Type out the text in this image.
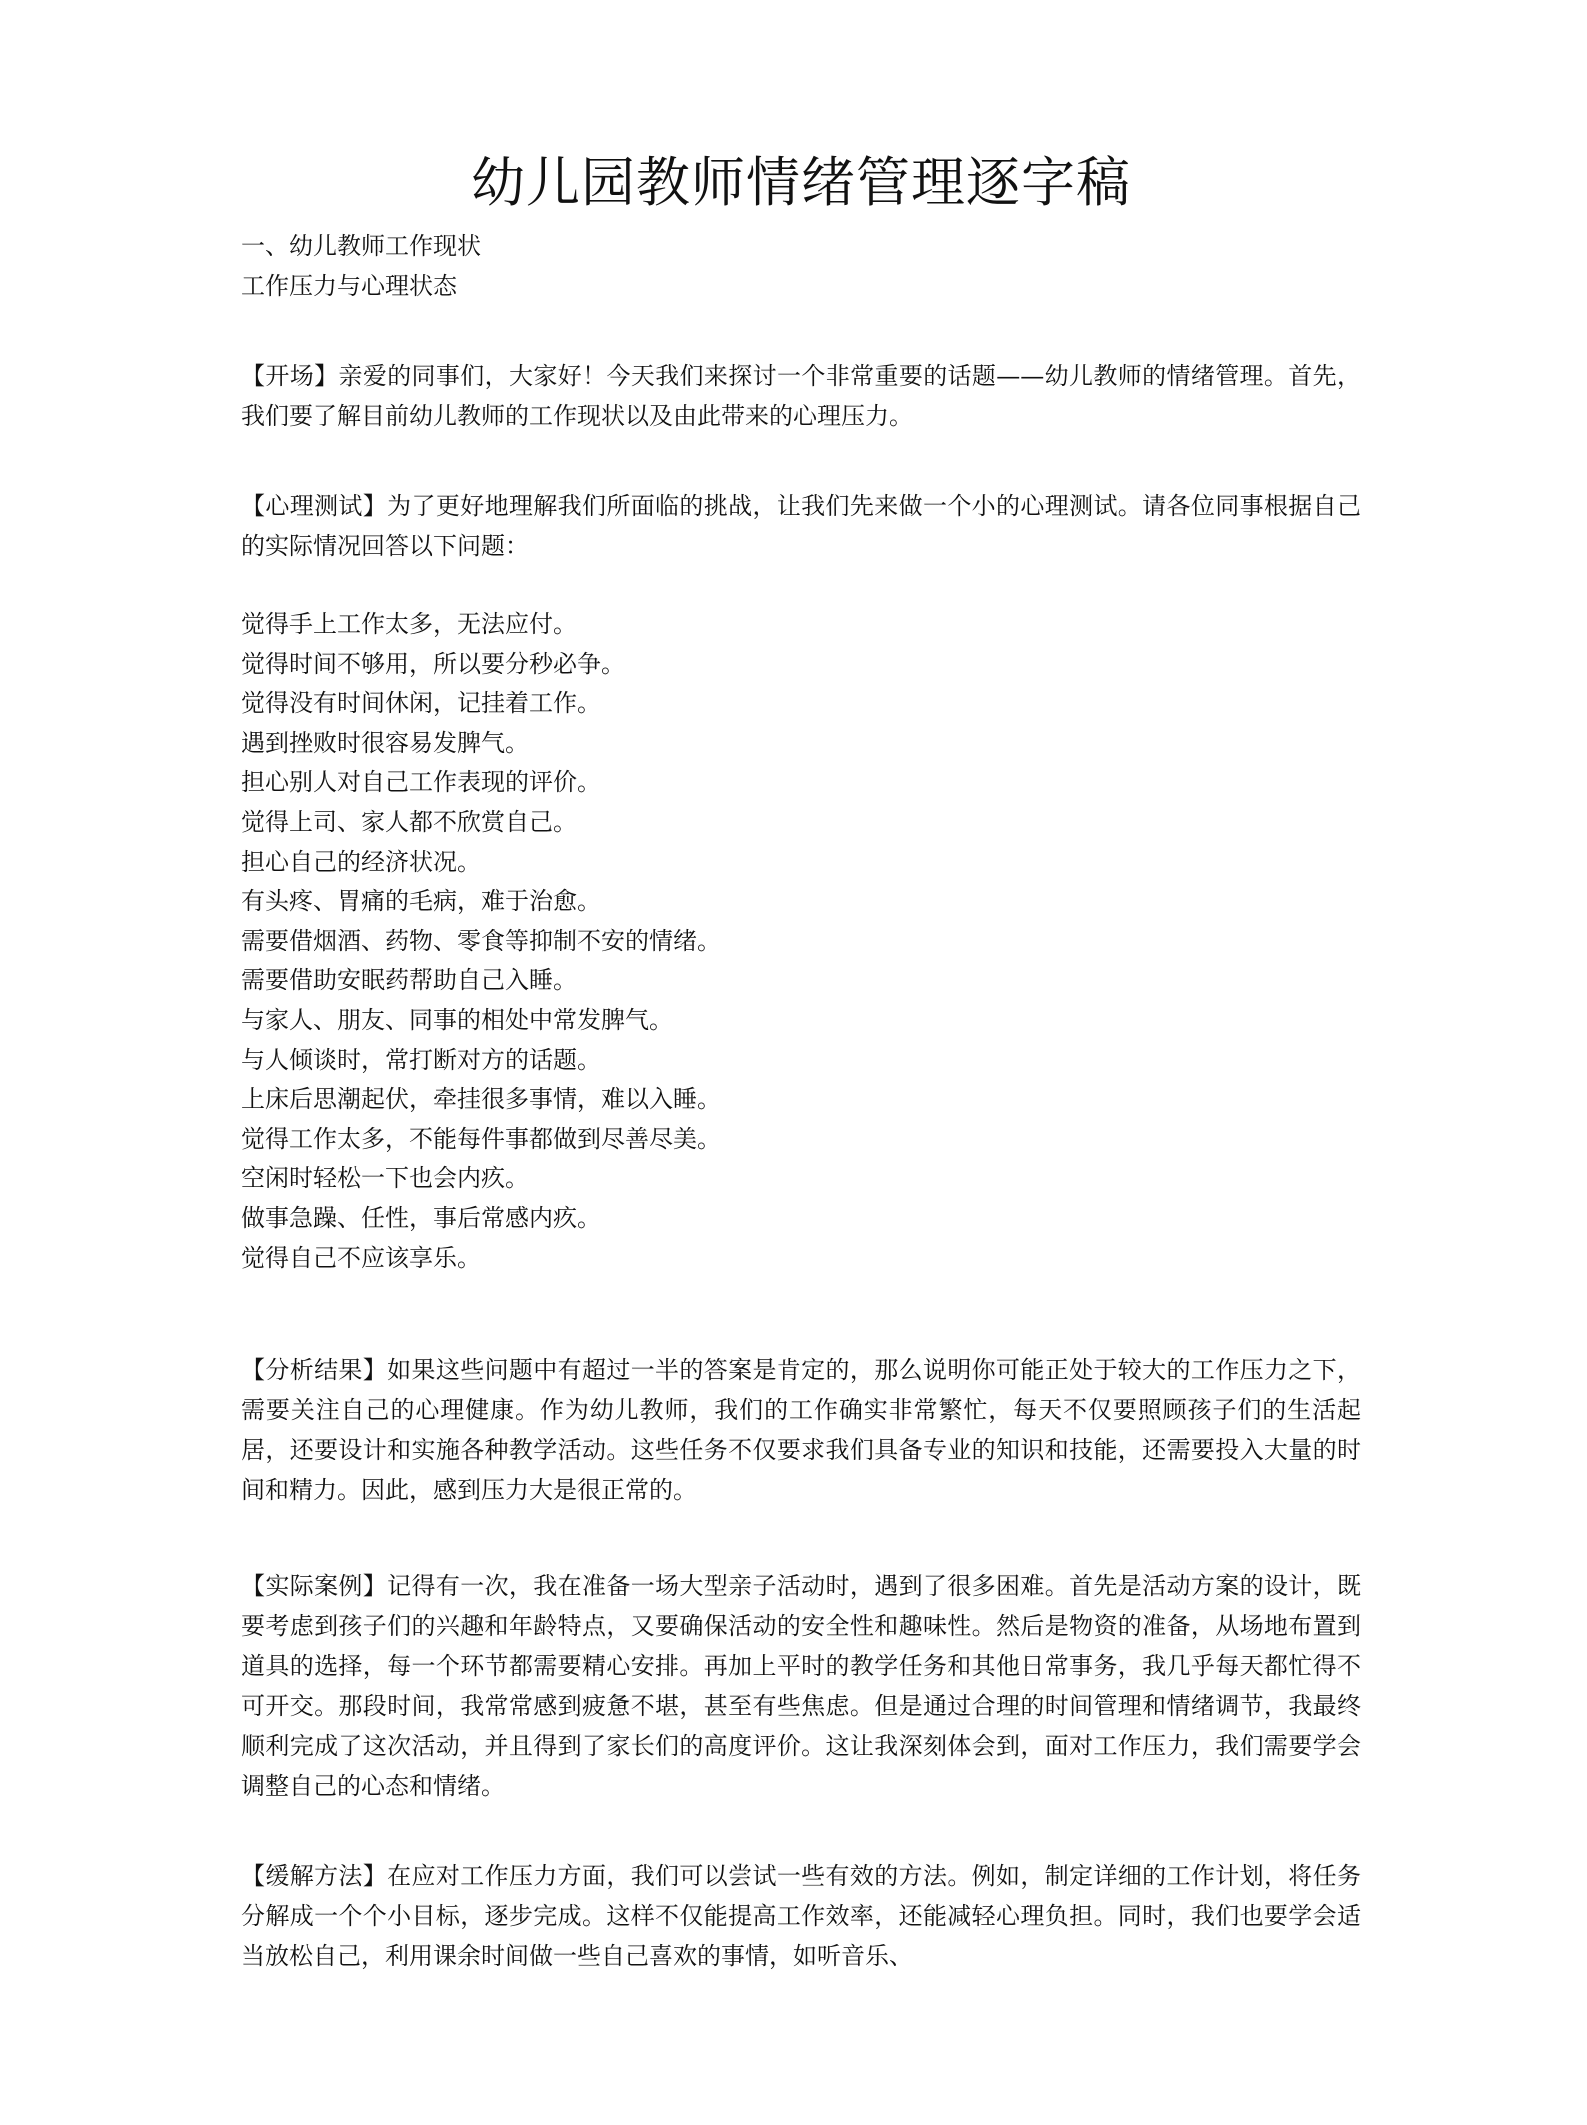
幼儿园教师情绪管理逐字稿
一、幼儿教师工作现状
工作压力与心理状态

【开场】亲爱的同事们，大家好！今天我们来探讨一个非常重要的话题——幼儿教师的情绪管理。首先，我们要了解目前幼儿教师的工作现状以及由此带来的心理压力。

【心理测试】为了更好地理解我们所面临的挑战，让我们先来做一个小的心理测试。请各位同事根据自己的实际情况回答以下问题：

觉得手上工作太多，无法应付。
觉得时间不够用，所以要分秒必争。
觉得没有时间休闲，记挂着工作。
遇到挫败时很容易发脾气。
担心别人对自己工作表现的评价。
觉得上司、家人都不欣赏自己。
担心自己的经济状况。
有头疼、胃痛的毛病，难于治愈。
需要借烟酒、药物、零食等抑制不安的情绪。
需要借助安眠药帮助自己入睡。
与家人、朋友、同事的相处中常发脾气。
与人倾谈时，常打断对方的话题。
上床后思潮起伏，牵挂很多事情，难以入睡。
觉得工作太多，不能每件事都做到尽善尽美。
空闲时轻松一下也会内疚。
做事急躁、任性，事后常感内疚。
觉得自己不应该享乐。

【分析结果】如果这些问题中有超过一半的答案是肯定的，那么说明你可能正处于较大的工作压力之下，需要关注自己的心理健康。作为幼儿教师，我们的工作确实非常繁忙，每天不仅要照顾孩子们的生活起居，还要设计和实施各种教学活动。这些任务不仅要求我们具备专业的知识和技能，还需要投入大量的时间和精力。因此，感到压力大是很正常的。

【实际案例】记得有一次，我在准备一场大型亲子活动时，遇到了很多困难。首先是活动方案的设计，既要考虑到孩子们的兴趣和年龄特点，又要确保活动的安全性和趣味性。然后是物资的准备，从场地布置到道具的选择，每一个环节都需要精心安排。再加上平时的教学任务和其他日常事务，我几乎每天都忙得不可开交。那段时间，我常常感到疲惫不堪，甚至有些焦虑。但是通过合理的时间管理和情绪调节，我最终顺利完成了这次活动，并且得到了家长们的高度评价。这让我深刻体会到，面对工作压力，我们需要学会调整自己的心态和情绪。

【缓解方法】在应对工作压力方面，我们可以尝试一些有效的方法。例如，制定详细的工作计划，将任务分解成一个个小目标，逐步完成。这样不仅能提高工作效率，还能减轻心理负担。同时，我们也要学会适当放松自己，利用课余时间做一些自己喜欢的事情，如听音乐、
